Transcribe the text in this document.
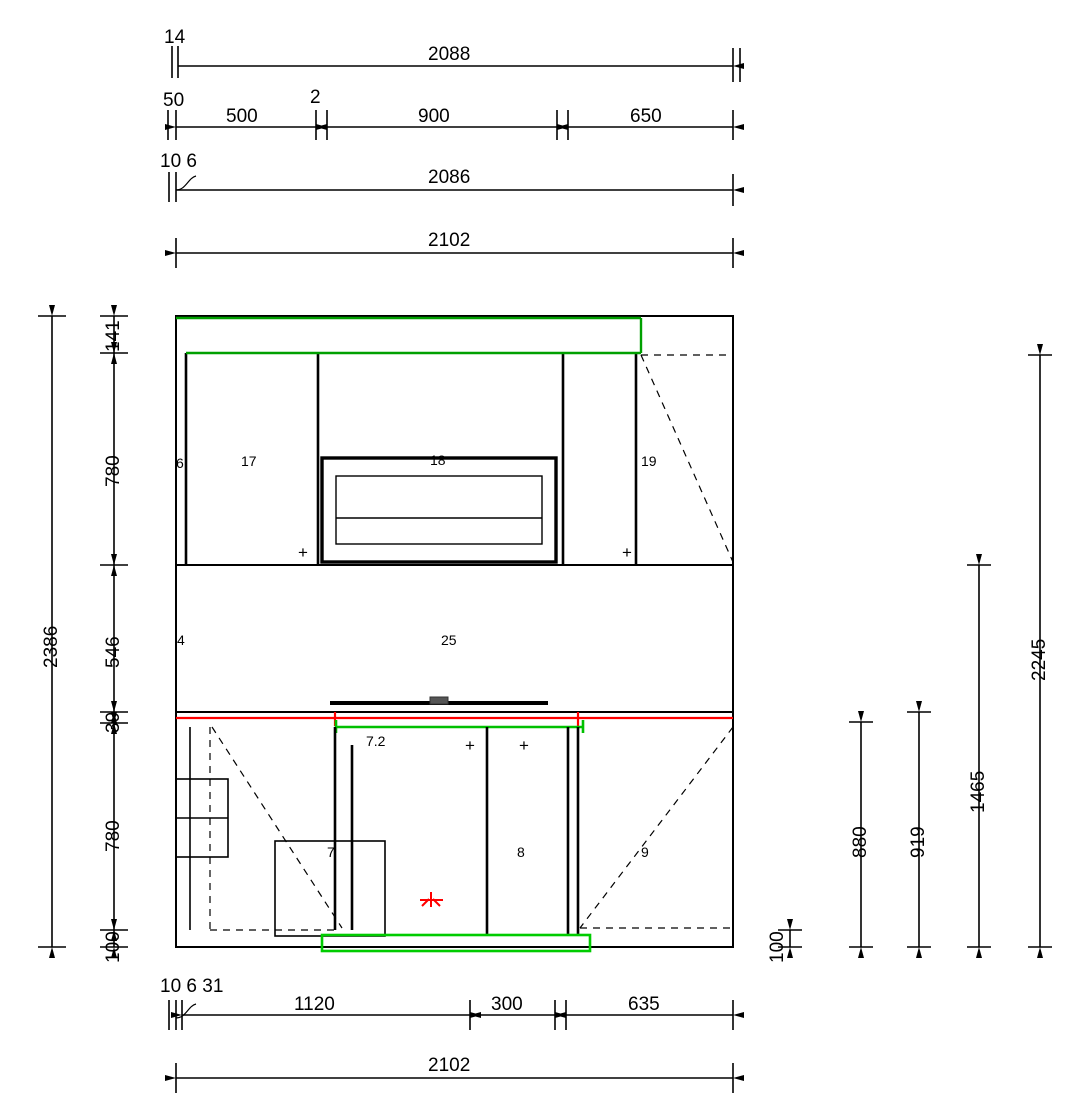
14
2088
50	2
500	900	650
10 6
2086
2102
2386
141
780
546
39
780
100	100
880 919
1465
2245
10 6 31
1120	300	635
2102
6	17	18	19
4	25
7.2
7	8	9
+	+
+	+
